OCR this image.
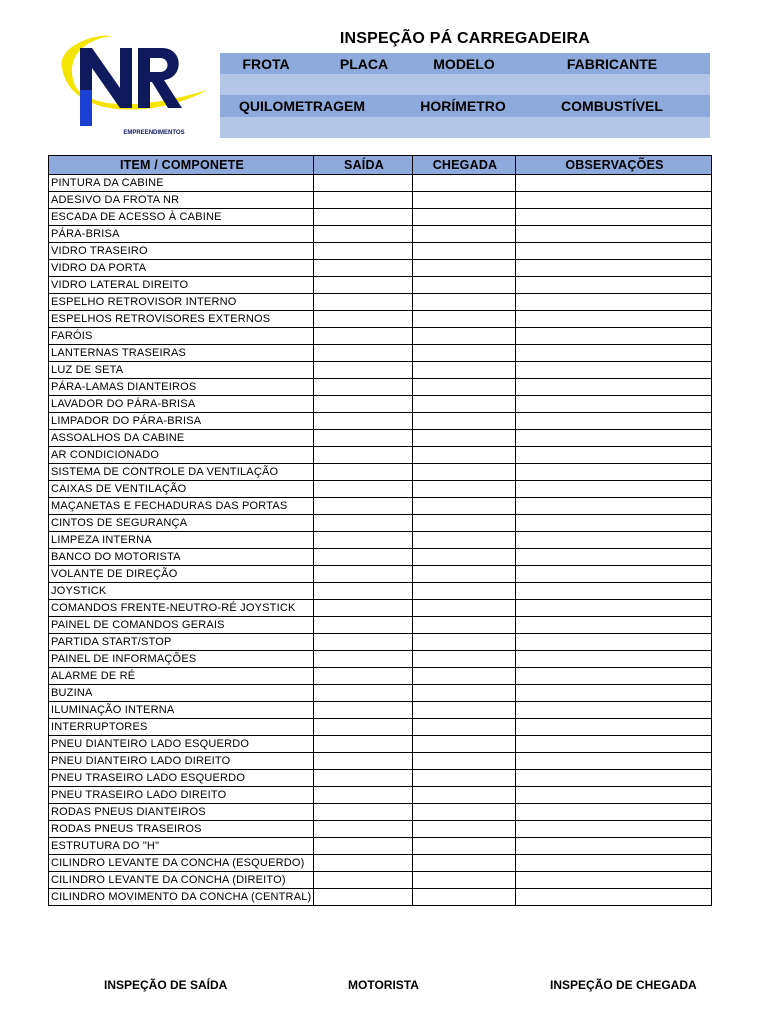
EMPREENDIMENTOS
INSPEÇÃO PÁ CARREGADEIRA
FROTA	PLACA	MODELO	FABRICANTE
QUILOMETRAGEM	HORÍMETRO	COMBUSTÍVEL
ITEM / COMPONETE	SAÍDA	CHEGADA	OBSERVAÇÕES
PINTURA DA CABINE			
ADESIVO DA FROTA NR			
ESCADA DE ACESSO À CABINE			
PÁRA-BRISA			
VIDRO TRASEIRO			
VIDRO DA PORTA			
VIDRO LATERAL DIREITO			
ESPELHO RETROVISOR INTERNO			
ESPELHOS RETROVISORES EXTERNOS			
FARÓIS			
LANTERNAS TRASEIRAS			
LUZ DE SETA			
PÁRA-LAMAS DIANTEIROS			
LAVADOR DO PÁRA-BRISA			
LIMPADOR DO PÁRA-BRISA			
ASSOALHOS DA CABINE			
AR CONDICIONADO			
SISTEMA DE CONTROLE DA VENTILAÇÃO			
CAIXAS DE VENTILAÇÃO			
MAÇANETAS E FECHADURAS DAS PORTAS			
CINTOS DE SEGURANÇA			
LIMPEZA INTERNA			
BANCO DO MOTORISTA			
VOLANTE DE DIREÇÃO			
JOYSTICK			
COMANDOS FRENTE-NEUTRO-RÉ JOYSTICK			
PAINEL DE COMANDOS GERAIS			
PARTIDA START/STOP			
PAINEL DE INFORMAÇÕES			
ALARME DE RÉ			
BUZINA			
ILUMINAÇÃO INTERNA			
INTERRUPTORES			
PNEU DIANTEIRO LADO ESQUERDO			
PNEU DIANTEIRO LADO DIREITO			
PNEU TRASEIRO LADO ESQUERDO			
PNEU TRASEIRO LADO DIREITO			
RODAS PNEUS DIANTEIROS			
RODAS PNEUS TRASEIROS			
ESTRUTURA DO "H"			
CILINDRO LEVANTE DA CONCHA (ESQUERDO)			
CILINDRO LEVANTE DA CONCHA (DIREITO)			
CILINDRO MOVIMENTO DA CONCHA (CENTRAL)			
INSPEÇÃO DE SAÍDA	MOTORISTA	INSPEÇÃO DE CHEGADA
